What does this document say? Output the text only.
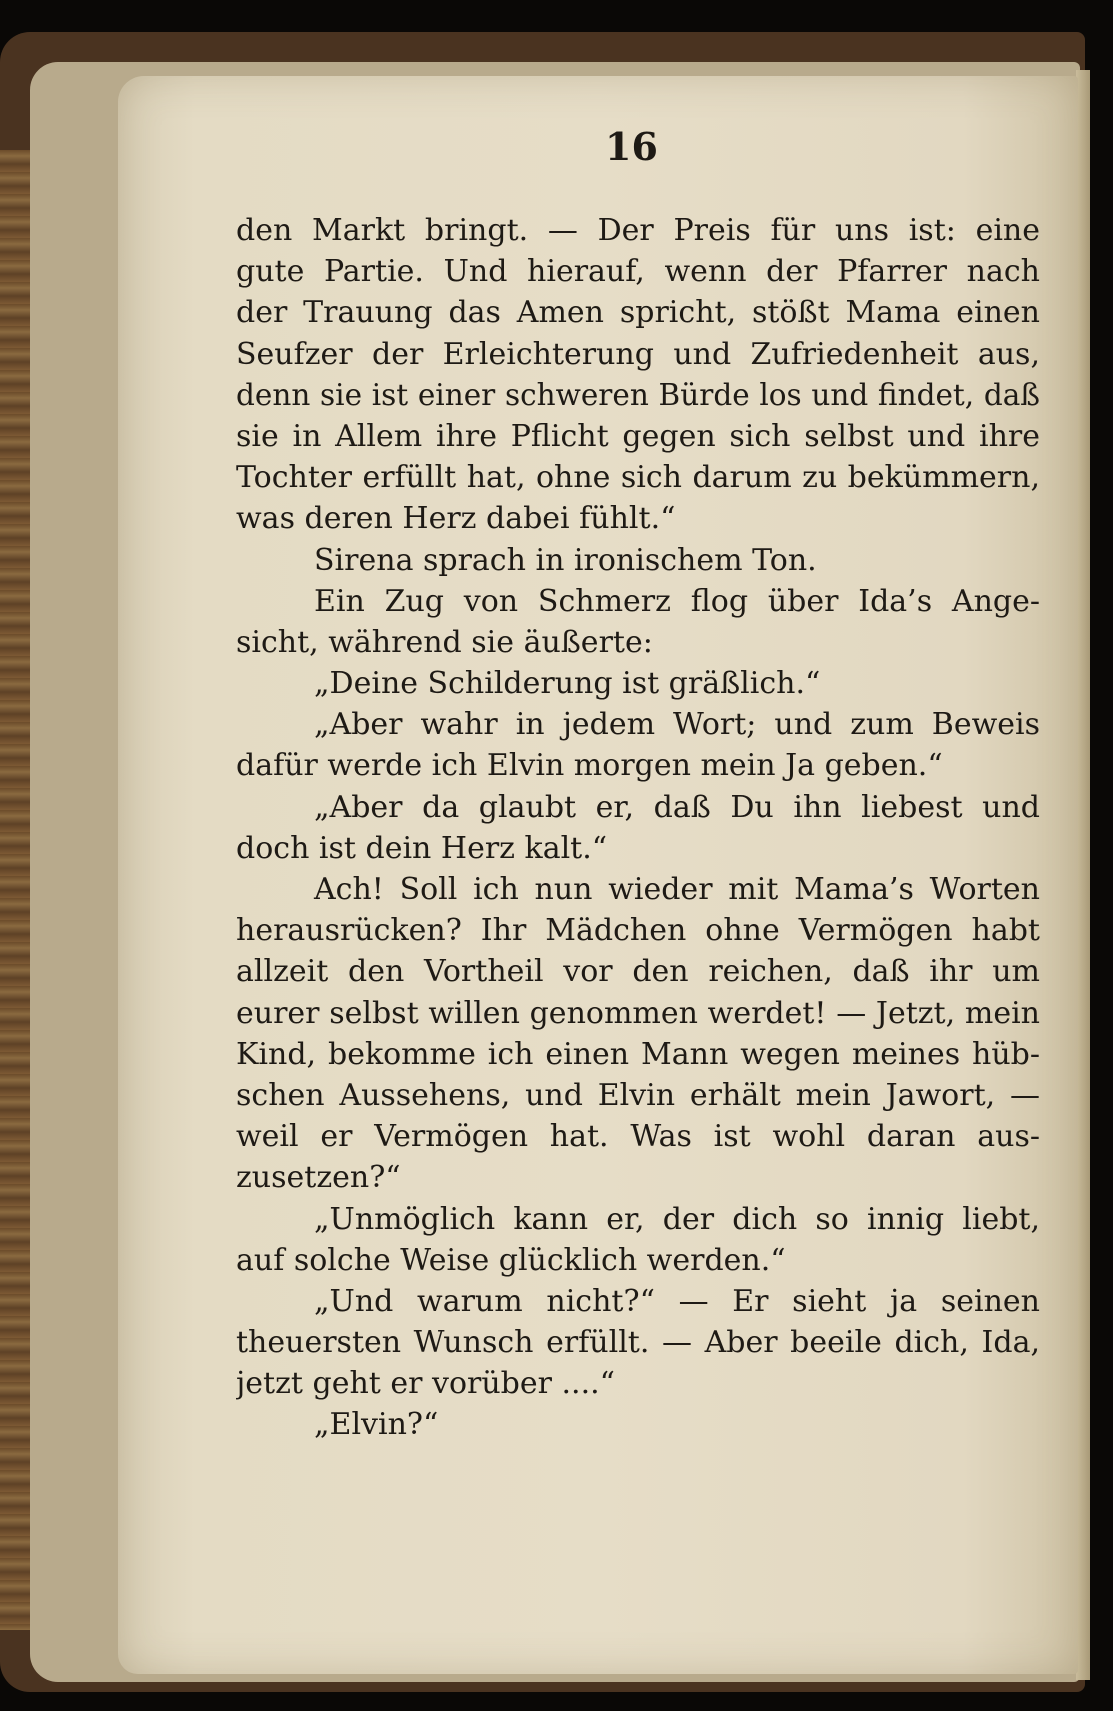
16
den Markt bringt. — Der Preis für uns ist: eine
gute Partie. Und hierauf, wenn der Pfarrer nach
der Trauung das Amen spricht, stößt Mama einen
Seufzer der Erleichterung und Zufriedenheit aus,
denn sie ist einer schweren Bürde los und findet, daß
sie in Allem ihre Pflicht gegen sich selbst und ihre
Tochter erfüllt hat, ohne sich darum zu bekümmern,
was deren Herz dabei fühlt.“
Sirena sprach in ironischem Ton.
Ein Zug von Schmerz flog über Ida’s Ange-
sicht, während sie äußerte:
„Deine Schilderung ist gräßlich.“
„Aber wahr in jedem Wort; und zum Beweis
dafür werde ich Elvin morgen mein Ja geben.“
„Aber da glaubt er, daß Du ihn liebest und
doch ist dein Herz kalt.“
Ach! Soll ich nun wieder mit Mama’s Worten
herausrücken? Ihr Mädchen ohne Vermögen habt
allzeit den Vortheil vor den reichen, daß ihr um
eurer selbst willen genommen werdet! — Jetzt, mein
Kind, bekomme ich einen Mann wegen meines hüb-
schen Aussehens, und Elvin erhält mein Jawort, —
weil er Vermögen hat. Was ist wohl daran aus-
zusetzen?“
„Unmöglich kann er, der dich so innig liebt,
auf solche Weise glücklich werden.“
„Und warum nicht?“ — Er sieht ja seinen
theuersten Wunsch erfüllt. — Aber beeile dich, Ida,
jetzt geht er vorüber ....“
„Elvin?“
